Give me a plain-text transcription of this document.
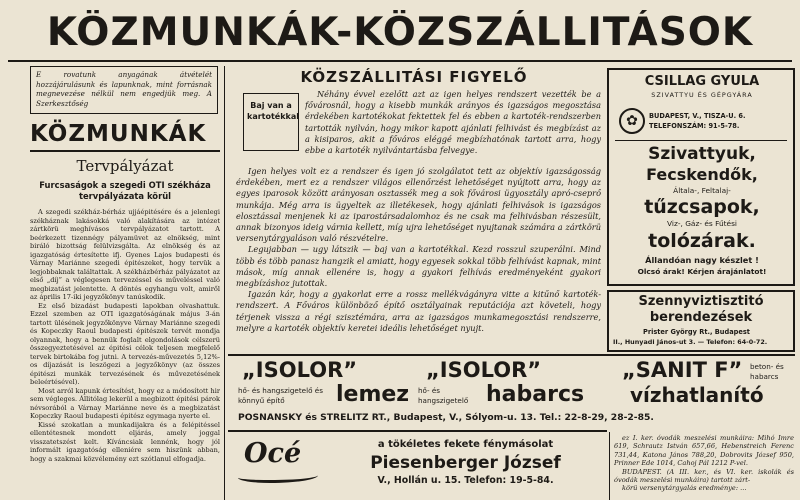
KÖZMUNKÁK-KÖZSZÁLLITÁSOK
E rovatunk anyagának átvételét hozzájárulásunk és lapunknak, mint forrásnak megnevezése nélkül nem engedjük meg. A Szerkesztőség
KÖZMUNKÁK
Tervpályázat
Furcsaságok a szegedi OTI székháza tervpályázata körül

A szegedi székház-bérház ujjáépitésére és a jelenlegi székháznak lakásokká való alakítására az intézet zártkörü meghívásos tervpályázatot tartott. A beérkezett tizennégy pályamüvet az elnökség, mint biráló bizottság felülvizsgálta. Az elnökség és az igazgatóság értesítette ifj. Gyenes Lajos budapesti és Várnay Mariánne szegedi épitészeket, hogy tervük a legjobbaknak találtattak. A székházbérház pályázatot az első „díj” a véglegesen tervezéssel és műveléssel való megbizatást jelentette. A döntés egyhangu volt, amiről az április 17-iki jegyzőkönyv tanúskodik.

Ez első bizadást budapesti lapokban olvashattuk. Ezzel szemben az OTI igazgatóságának május 3-án tartott ülésének jegyzőkönyve Várnay Mariánne szegedi és Kopeczky Raoul budapesti épitészek tervét mondja olyannak, hogy a bennük foglalt elgondolások célszerü összegyeztetésével az épitési célok teljesen megfelelő tervek birtokába fog jutni. A tervezés-művezetés 5,12%-os díjazását is leszögezi a jegyzőkönyv (az összes épitészi munkák tervezésének és művezetésének beleértésével).

Most arról kapunk értesítést, hogy ez a módosított hir sem végleges. Állitólag lekerül a megbizott épitési párok névsorából a Várnay Mariánne neve és a megbizatást Kopeczky Raoul budapesti épitész egymaga nyerte el.

Kissé szokatlan a munkadijakra és a felépitéssel ellentétesnek mondott eljárás, amely joggal visszatetszést kelt. Kíváncsiak lennénk, hogy jól informált igazgatóság elleniére sem hiszünk abban, hogy a szakmai közvélemény ezt szótlanul elfogadja.

KÖZSZÁLLITÁSI FIGYELŐ
Baj van a kartotékkal

Néhány évvel ezelőtt azt az igen helyes rendszert vezették be a fővárosnál, hogy a kisebb munkák arányos és igazságos megosztása érdekében kartotékokat fektettek fel és ebben a kartoték-rendszerben tartották nyilván, hogy mikor kapott ajánlati felhivást és megbízást az a kisiparos, akit a főváros eléggé megbízhatónak tartott arra, hogy ebbe a kartoték nyilvántartásba felvegye.

Igen helyes volt ez a rendszer és igen jó szolgálatot tett az objektív igazságosság érdekében, mert ez a rendszer világos ellenőrzést lehetőséget nyújtott arra, hogy az egyes iparosok között arányosan osztassék meg a sok fővárosi ügyosztály apró-cseprő munkája. Még arra is ügyeltek az illetékesek, hogy ajánlati felhivások is igazságos elosztással menjenek ki az iparostársadalomhoz és ne csak ma felhivásban részesült, annak bizonyos ideig várnia kellett, míg ujra lehetőséget nyujtanak számára a zártkörü versenytárgyaláson való részvételre.

Legujabban — ugy látszik — baj van a kartotékkal. Kezd rosszul szuperálni. Mind több és több panasz hangzik el amiatt, hogy egyesek sokkal több felhívást kapnak, mint mások, míg annak ellenére is, hogy a gyakori felhívás eredményeként gyakori megbízáshoz jutottak.

Igazán kár, hogy a gyakorlat erre a rossz mellékvágányra vitte a kitűnő kartoték-rendszert. A Főváros különböző építő osztályainak reputációja azt követeli, hogy térjenek vissza a régi szisztémára, arra az igazságos munkamegosztási rendszerre, melyre a kartoték objektív keretei ideális lehetőséget nyujt.

CSILLAG GYULA
SZIVATTYU ÉS GÉPGYÁRA
✿	BUDAPEST, V., TISZA-U. 6.
TELEFONSZÁM: 91-5-78.
Szivattyuk,
Fecskendők,
Általa-, Feltalaj-
tűzcsapok,
Viz-, Gáz- és Fűtési
tolózárak.
Állandóan nagy készlet !
Olcsó árak! Kérjen árajánlatot!
Szennyviztisztitó
berendezések
Prister György Rt., Budapest
II., Hunyadi János-ut 3. — Telefon: 64-0-72.
„ISOLOR”
hő- és hangszigetelő és könnyű építő	lemez
„ISOLOR”
hő- és hangszigetelő habarcs
„SANIT F” beton- és habarcs
vízhatlanító
POSNANSKY és STRELITZ RT., Budapest, V., Sólyom-u. 13. Tel.: 22-8-29, 28-2-85.
Océ	a tökéletes fekete fénymásolat
Piesenberger József
V., Hollán u. 15. Telefon: 19-5-84.

ez I. ker. óvodák meszelési munkáira: Mihó Imre 619, Schrautz István 657,66, Hebenstreich Ferenc 731,44, Katona János 788,20, Dobrovits József 950, Prinner Ede 1014, Cahoj Pál 1212 P-vel.

BUDAPEST. (A III. ker., és VI. ker. iskolák és óvodák meszelési munkáira) tartott zárt-

körü versenytárgyalás eredménye: ...
